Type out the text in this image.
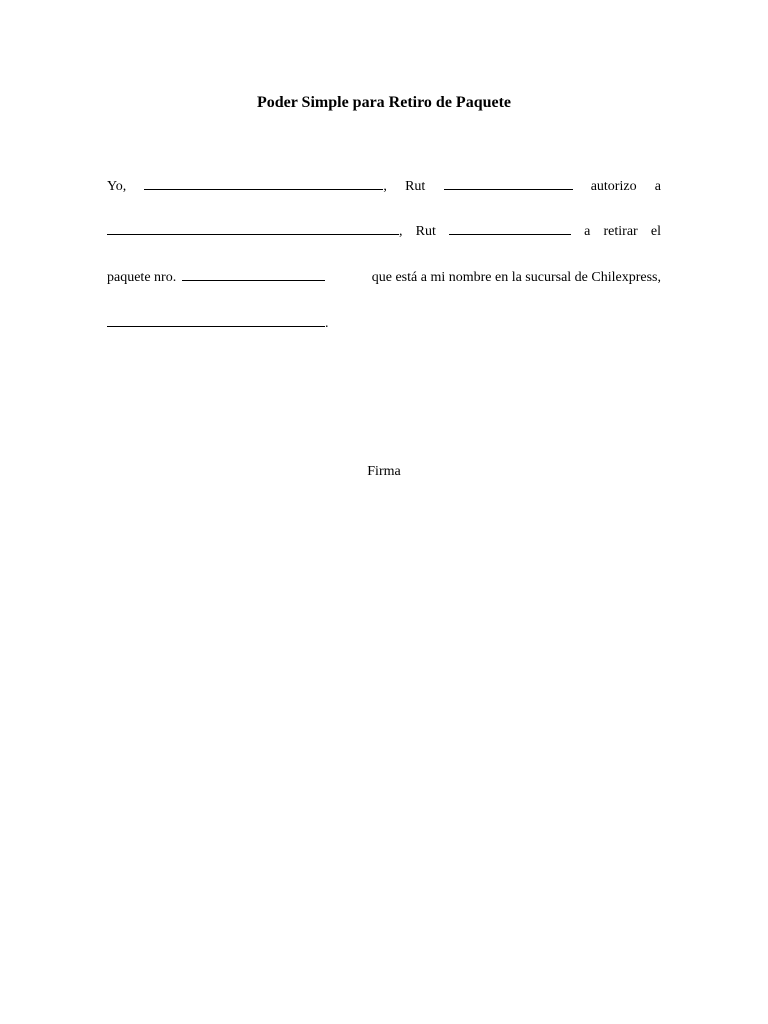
Poder Simple para Retiro de Paquete
Yo,	, Rut	autorizo a
, Rut	a retirar el
paquete nro.	que está a mi nombre en la sucursal de Chilexpress,
.
Firma
